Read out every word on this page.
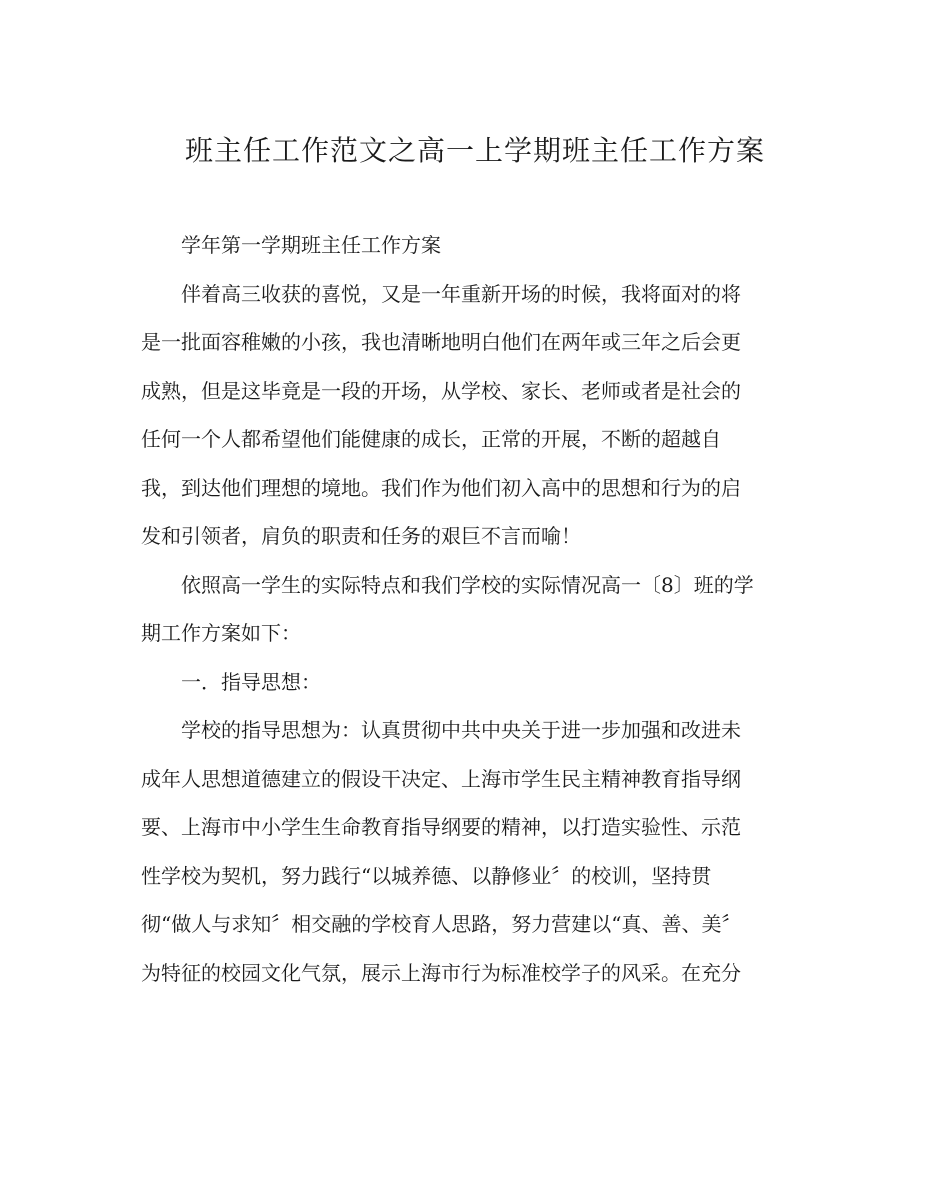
班主任工作范文之高一上学期班主任工作方案
学年第一学期班主任工作方案
伴着高三收获的喜悦，又是一年重新开场的时候，我将面对的将
是一批面容稚嫩的小孩，我也清晰地明白他们在两年或三年之后会更
成熟，但是这毕竟是一段的开场，从学校、家长、老师或者是社会的
任何一个人都希望他们能健康的成长，正常的开展，不断的超越自
我，到达他们理想的境地。我们作为他们初入高中的思想和行为的启
发和引领者，肩负的职责和任务的艰巨不言而喻！
依照高一学生的实际特点和我们学校的实际情况高一〔8〕班的学
期工作方案如下：
一．指导思想：
学校的指导思想为：认真贯彻中共中央关于进一步加强和改进未
成年人思想道德建立的假设干决定、上海市学生民主精神教育指导纲
要、上海市中小学生生命教育指导纲要的精神，以打造实验性、示范
性学校为契机，努力践行“以城养德、以静修业〞的校训，坚持贯
彻“做人与求知〞相交融的学校育人思路，努力营建以“真、善、美〞
为特征的校园文化气氛，展示上海市行为标准校学子的风采。在充分
